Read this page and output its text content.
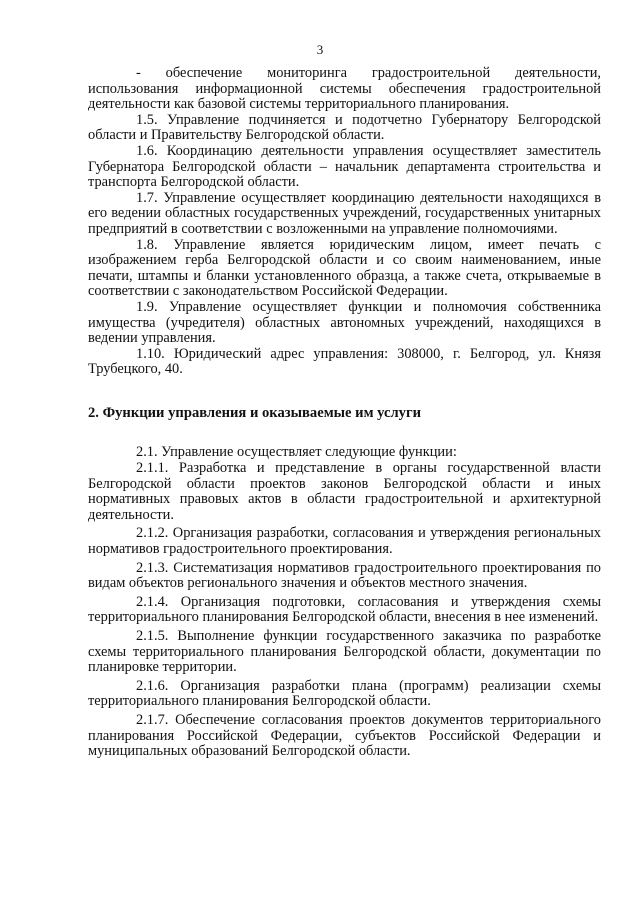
3

- обеспечение мониторинга градостроительной деятельности, использования информационной системы обеспечения градостроительной деятельности как базовой системы территориального планирования.

1.5. Управление подчиняется и подотчетно Губернатору Белгородской области и Правительству Белгородской области.

1.6. Координацию деятельности управления осуществляет заместитель Губернатора Белгородской области – начальник департамента строительства и транспорта Белгородской области.

1.7. Управление осуществляет координацию деятельности находящихся в его ведении областных государственных учреждений, государственных унитарных предприятий в соответствии с возложенными на управление полномочиями.

1.8. Управление является юридическим лицом, имеет печать с изображением герба Белгородской области и со своим наименованием, иные печати, штампы и бланки установленного образца, а также счета, открываемые в соответствии с законодательством Российской Федерации.

1.9. Управление осуществляет функции и полномочия собственника имущества (учредителя) областных автономных учреждений, находящихся в ведении управления.

1.10. Юридический адрес управления: 308000, г. Белгород, ул. Князя Трубецкого, 40.

2. Функции управления и оказываемые им услуги

2.1. Управление осуществляет следующие функции:

2.1.1. Разработка и представление в органы государственной власти Белгородской области проектов законов Белгородской области и иных нормативных правовых актов в области градостроительной и архитектурной деятельности.

2.1.2. Организация разработки, согласования и утверждения региональных нормативов градостроительного проектирования.

2.1.3. Систематизация нормативов градостроительного проектирования по видам объектов регионального значения и объектов местного значения.

2.1.4. Организация подготовки, согласования и утверждения схемы территориального планирования Белгородской области, внесения в нее изменений.

2.1.5. Выполнение функции государственного заказчика по разработке схемы территориального планирования Белгородской области, документации по планировке территории.

2.1.6. Организация разработки плана (программ) реализации схемы территориального планирования Белгородской области.

2.1.7. Обеспечение согласования проектов документов территориального планирования Российской Федерации, субъектов Российской Федерации и муниципальных образований Белгородской области.
